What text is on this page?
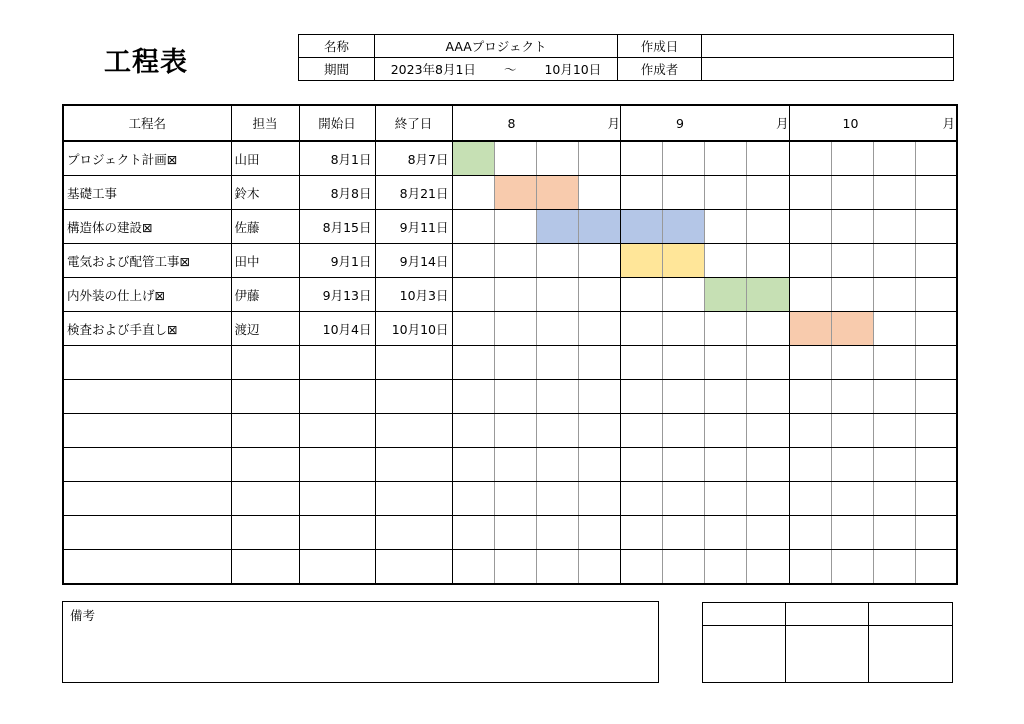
工程表
名称	AAAプロジェクト	作成日	
期間	2023年8月1日 ～ 10月10日	作成者	
工程名	担当	開始日	終了日	8 月				9 月				10 月			
プロジェクト計画⊠	山田	8月1日	8月7日												
基礎工事	鈴木	8月8日	8月21日												
構造体の建設⊠	佐藤	8月15日	9月11日												
電気および配管工事⊠	田中	9月1日	9月14日												
内外装の仕上げ⊠	伊藤	9月13日	10月3日												
検査および手直し⊠	渡辺	10月4日	10月10日												

備考
